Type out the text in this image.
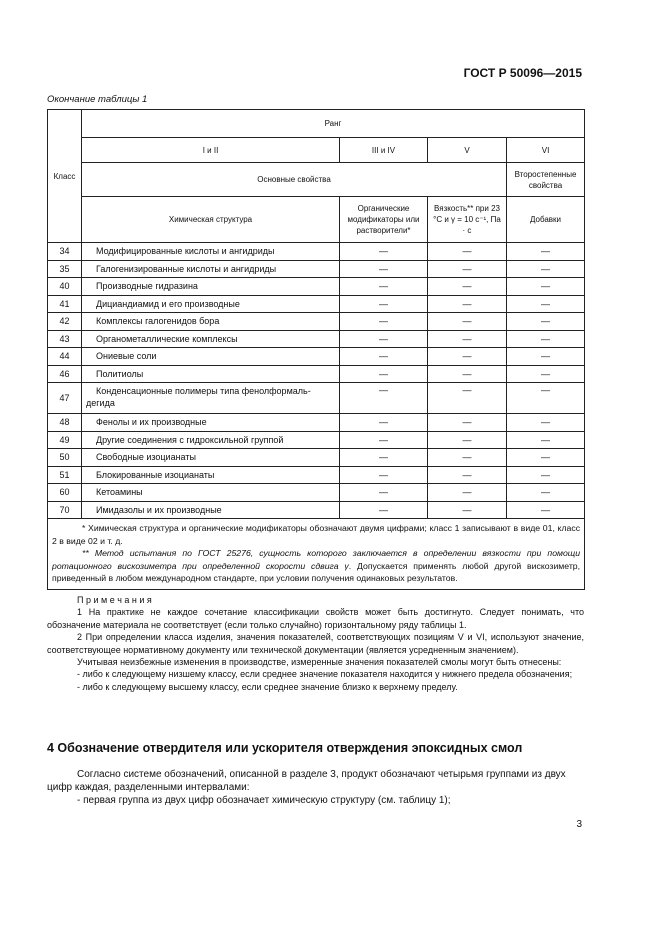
ГОСТ Р 50096—2015
Окончание таблицы 1
Класс	Ранг			
	I и II	III и IV	V	VI
	Основные свойства			Второстепенные свойства
	Химическая структура	Органические модификаторы или растворители*	Вязкость** при 23 °С и γ = 10 с⁻¹, Па · с	Добавки
34	Модифицированные кислоты и ангидриды	—	—	—
35	Галогенизированные кислоты и ангидриды	—	—	—
40	Производные гидразина	—	—	—
41	Дициандиамид и его производные	—	—	—
42	Комплексы галогенидов бора	—	—	—
43	Органометаллические комплексы	—	—	—
44	Ониевые соли	—	—	—
46	Политиолы	—	—	—
47	Конденсационные полимеры типа фенолформаль-
дегида	—	—	—
48	Фенолы и их производные	—	—	—
49	Другие соединения с гидроксильной группой	—	—	—
50	Свободные изоцианаты	—	—	—
51	Блокированные изоцианаты	—	—	—
60	Кетоамины	—	—	—
70	Имидазолы и их производные	—	—	—

* Химическая структура и органические модификаторы обозначают двумя цифрами; класс 1 записывают в виде 01, класс 2 в виде 02 и т. д.

** Метод испытания по ГОСТ 25276, сущность которого заключается в определении вязкости при помощи ротационного вискозиметра при определенной скорости сдвига γ. Допускается применять любой другой вискозиметр, приведенный в любом международном стандарте, при условии получения одинаковых результатов.				

П р и м е ч а н и я

1 На практике не каждое сочетание классификации свойств может быть достигнуто. Следует понимать, что обозначение материала не соответствует (если только случайно) горизонтальному ряду таблицы 1.

2 При определении класса изделия, значения показателей, соответствующих позициям V и VI, используют значение, соответствующее нормативному документу или технической документации (является усредненным значением).

Учитывая неизбежные изменения в производстве, измеренные значения показателей смолы могут быть отнесены:

- либо к следующему низшему классу, если среднее значение показателя находится у нижнего предела обозначения;

- либо к следующему высшему классу, если среднее значение близко к верхнему пределу.

4 Обозначение отвердителя или ускорителя отверждения эпоксидных смол

Согласно системе обозначений, описанной в разделе 3, продукт обозначают четырьмя группами из двух цифр каждая, разделенными интервалами:

- первая группа из двух цифр обозначает химическую структуру (см. таблицу 1);

3
